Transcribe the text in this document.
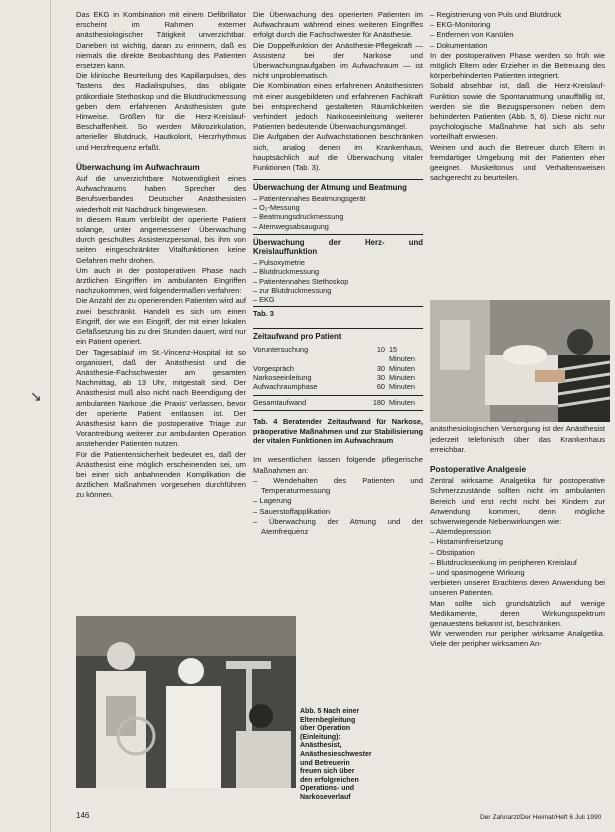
↘

Das EKG in Kombination mit einem Defibrillator erscheint im Rahmen externer anästhesiologischer Tätigkeit unverzichtbar. Daneben ist wichtig, daran zu erinnern, daß es niemals die direkte Beobachtung des Patienten ersetzen kann.

Die klinische Beurteilung des Kapillarpulses, des Tastens des Radialispulses, das obligate präkordiale Stethoskop und die Blutdruckmessung geben dem erfahrenen Anästhesisten gute Hinweise. Größen für die Herz-Kreislauf-Beschaffenheit. So werden Mikrozirkulation, arterieller Blutdruck, Hautkolorit, Herzrhythmus und Herzfrequenz erfaßt.

Überwachung im Aufwachraum

Auf die unverzichtbare Notwendigkeit eines Aufwachraums haben Sprecher des Berufsverbandes Deutscher Anästhesisten wiederholt mit Nachdruck hingewiesen.

In diesem Raum verbleibt der operierte Patient solange, unter angemessener Überwachung durch geschultes Assistenzpersonal, bis ihm von seiten eingeschränkter Vitalfunktionen keine Gefahren mehr drohen.

Um auch in der postoperativen Phase nach ärztlichen Eingriffen im ambulanten Eingriffen nachzukommen, wird folgendermaßen verfahren:

Die Anzahl der zu operierenden Patienten wird auf zwei beschränkt. Handelt es sich um einen Eingriff, der wie ein Eingriff, der mit einer lokalen Gefäßsetzung bis zu drei Stunden dauert, wird nur ein Patient operiert.

Der Tagesablauf im St.-Vincenz-Hospital ist so organisiert, daß der Anästhesist und die Anästhesie-Fachschwester am gesamten Nachmittag, ab 13 Uhr, mitgestalt sind. Der Anästhesist muß also nicht nach Beendigung der ambulanten Narkose ‚die Praxis' verlassen, bevor der operierte Patient entlassen ist. Der Anästhesist kann die postoperative Triage zur Vorantreibung weiterer zur ambulanten Operation anstehender Patienten nutzen.

Für die Patientensicherheit bedeutet es, daß der Anästhesist eine möglich erscheinenden sei, um bei einer sich anbahnenden Komplikation die ärztlichen Maßnahmen vorgesehen durchführen zu können.

Die Überwachung des operierten Patienten im Aufwachraum während eines weiteren Eingriffes erfolgt durch die Fachschwester für Anästhesie.

Die Doppelfunktion der Anästhesie-Pflegekraft — Assistenz bei der Narkose und Überwachungsaufgaben im Aufwachraum — ist nicht unproblematisch.

Die Kombination eines erfahrenen Anästhesisten mit einer ausgebildeten und erfahrenen Fachkraft bei entsprechend gestalteten Räumlichkeiten verhindert jedoch Narkoseeinleitung weiterer Patienten bedeutende Überwachungsmängel.

Die Aufgaben der Aufwachstationen beschränken sich, analog denen im Krankenhaus, hauptsächlich auf die Überwachung vitaler Funktionen (Tab. 3).

Überwachung der Atmung und Beatmung
– Patientennahes Beatmungsgerät
– O₂-Messung
– Beatmungsdruckmessung
– Atemwegsabsaugung
Überwachung der Herz- und Kreislauffunktion
– Pulsoxymetrie
– Blutdruckmessung
– Patientennahes Stethoskop
– zur Blutdruckmessung
– EKG
Tab. 3
Zeitaufwand pro Patient
Voruntersuchung	10 15 Minuten
Vorgespräch	30 Minuten
Narkoseeinleitung	30 Minuten
Aufwachraumphase	60 Minuten
Gesamtaufwand	180 Minuten
Tab. 4 Beratender Zeitaufwand für Narkose, präoperative Maßnahmen und zur Stabilisierung der vitalen Funktionen im Aufwachraum

Im wesentlichen lassen folgende pflegerische Maßnahmen an:

– Wendehalten des Patienten und Temperaturmessung
– Lagerung
– Sauerstoffapplikation
– Überwachung der Atmung und der Atemfrequenz
– Registrierung von Puls und Blutdruck
– EKG-Monitoring
– Entfernen von Kanülen
– Dokumentation

In der postoperativen Phase werden so früh wie möglich Eltern oder Erzieher in die Betreuung des körperbehinderten Patienten integriert.

Sobald absehbar ist, daß die Herz-Kreislauf-Funktion sowie die Spontanatmung unauffällig ist, werden sie die Bezugspersonen neben dem behinderten Patienten (Abb. 5, 6). Diese nicht nur psychologische Maßnahme hat sich als sehr vorteilhaft erwiesen.

Weinen und auch die Betreuer durch Eltern in fremdartiger Umgebung mit der Patienten eher geeignet. Muskeltonus und Verhaltensweisen sachgerecht zu beurteilen.

anästhesiologischen Versorgung ist der Anästhesist jederzeit telefonisch über das Krankenhaus erreichbar.

Postoperative Analgesie

Zentral wirksame Analgetika für postoperative Schmerzzustände sollten nicht im ambulanten Bereich und erst recht nicht bei Kindern zur Anwendung kommen, denn mögliche schwerwiegende Nebenwirkungen wie:

– Atemdepression
– Histaminfreisetzung
– Obstipation
– Blutdrucksenkung im peripheren Kreislauf
– und spasmogene Wirkung

verbieten unserer Erachtens deren Anwendung bei unseren Patienten.

Man sollte sich grundsätzlich auf wenige Medikamente, deren Wirkungsspektrum genauestens bekannt ist, beschränken.

Wir verwenden nur peripher wirksame Analgetika. Viele der peripher wirksamen An-

Abb. 5 Nach einer Elternbegleitung über Operation (Einleitung): Anästhesist, Anästhesieschwester und Betreuerin freuen sich über den erfolgreichen Operations- und Narkoseverlauf
146	Der Zahnarzt/Der Heimat/Heft 6 Juli 1990
